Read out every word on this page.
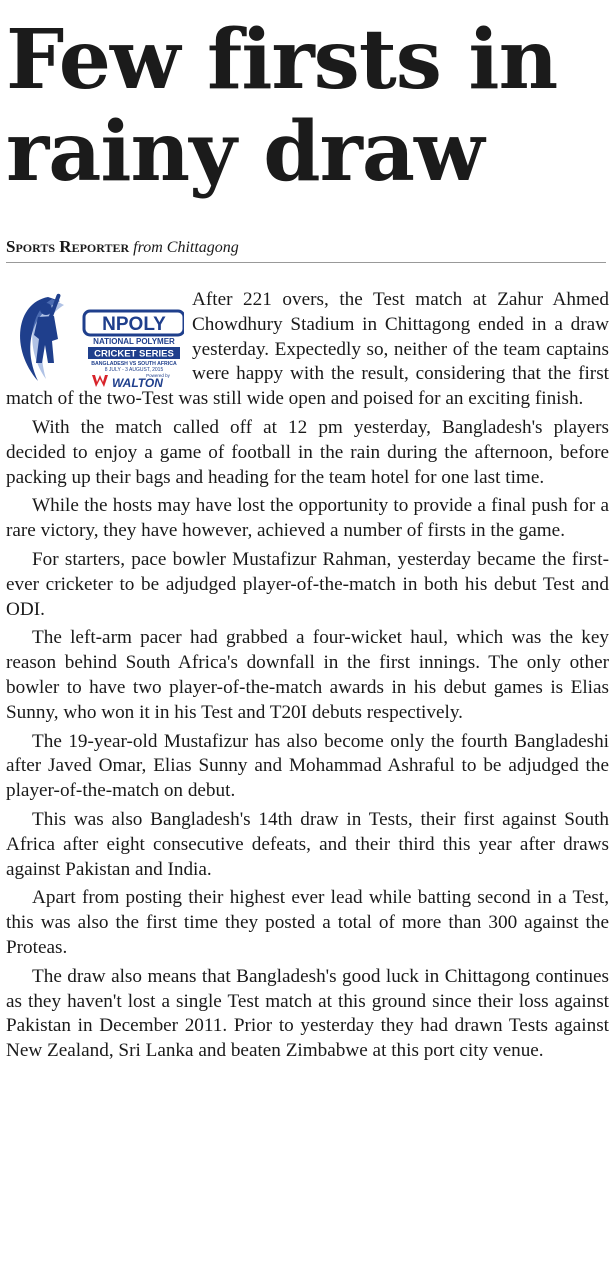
Few firsts in
rainy draw
Sports Reporter from Chittagong
NPOLY
NATIONAL POLYMER
CRICKET SERIES
BANGLADESH VS SOUTH AFRICA
8 JULY - 3 AUGUST, 2015
Powered by
WALTON

After 221 overs, the Test match at Zahur Ahmed Chowdhury Stadium in Chittagong ended in a draw yesterday. Expectedly so, neither of the team captains were happy with the result, considering that the first match of the two-Test was still wide open and poised for an exciting finish.

With the match called off at 12 pm yesterday, Bangladesh's players decided to enjoy a game of football in the rain during the afternoon, before packing up their bags and heading for the team hotel for one last time.

While the hosts may have lost the opportunity to provide a final push for a rare victory, they have however, achieved a number of firsts in the game.

For starters, pace bowler Mustafizur Rahman, yesterday became the first-ever cricketer to be adjudged player-of-the-match in both his debut Test and ODI.

The left-arm pacer had grabbed a four-wicket haul, which was the key reason behind South Africa's downfall in the first innings. The only other bowler to have two player-of-the-match awards in his debut games is Elias Sunny, who won it in his Test and T20I debuts respectively.

The 19-year-old Mustafizur has also become only the fourth Bangladeshi after Javed Omar, Elias Sunny and Mohammad Ashraful to be adjudged the player-of-the-match on debut.

This was also Bangladesh's 14th draw in Tests, their first against South Africa after eight consecutive defeats, and their third this year after draws against Pakistan and India.

Apart from posting their highest ever lead while batting second in a Test, this was also the first time they posted a total of more than 300 against the Proteas.

The draw also means that Bangladesh's good luck in Chittagong continues as they haven't lost a single Test match at this ground since their loss against Pakistan in December 2011. Prior to yesterday they had drawn Tests against New Zealand, Sri Lanka and beaten Zimbabwe at this port city venue.
